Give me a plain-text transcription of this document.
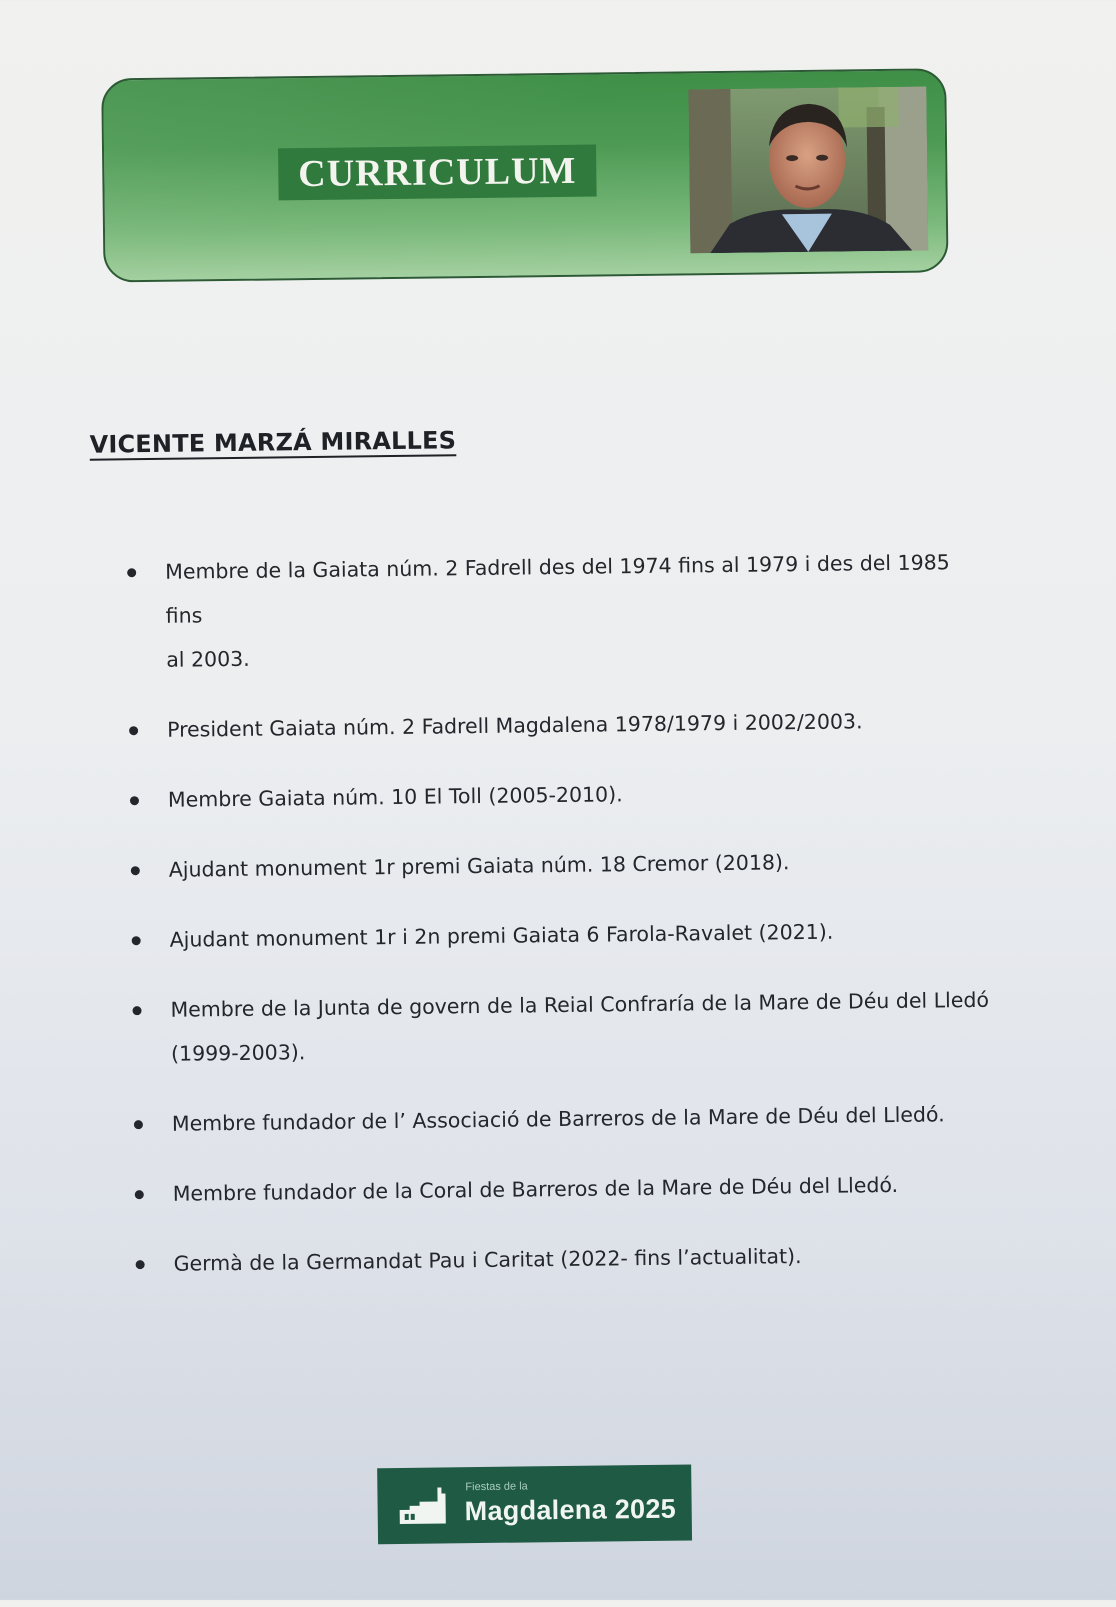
CURRICULUM
VICENTE MARZÁ MIRALLES
Membre de la Gaiata núm. 2 Fadrell des del 1974 fins al 1979 i des del 1985 fins
al 2003.
President Gaiata núm. 2 Fadrell Magdalena 1978/1979 i 2002/2003.
Membre Gaiata núm. 10 El Toll (2005-2010).
Ajudant monument 1r premi Gaiata núm. 18 Cremor (2018).
Ajudant monument 1r i 2n premi Gaiata 6 Farola-Ravalet (2021).
Membre de la Junta de govern de la Reial Confraría de la Mare de Déu del Lledó
(1999-2003).
Membre fundador de l’ Associació de Barreros de la Mare de Déu del Lledó.
Membre fundador de la Coral de Barreros de la Mare de Déu del Lledó.
Germà de la Germandat Pau i Caritat (2022- fins l’actualitat).
Fiestas de la
Magdalena 2025
